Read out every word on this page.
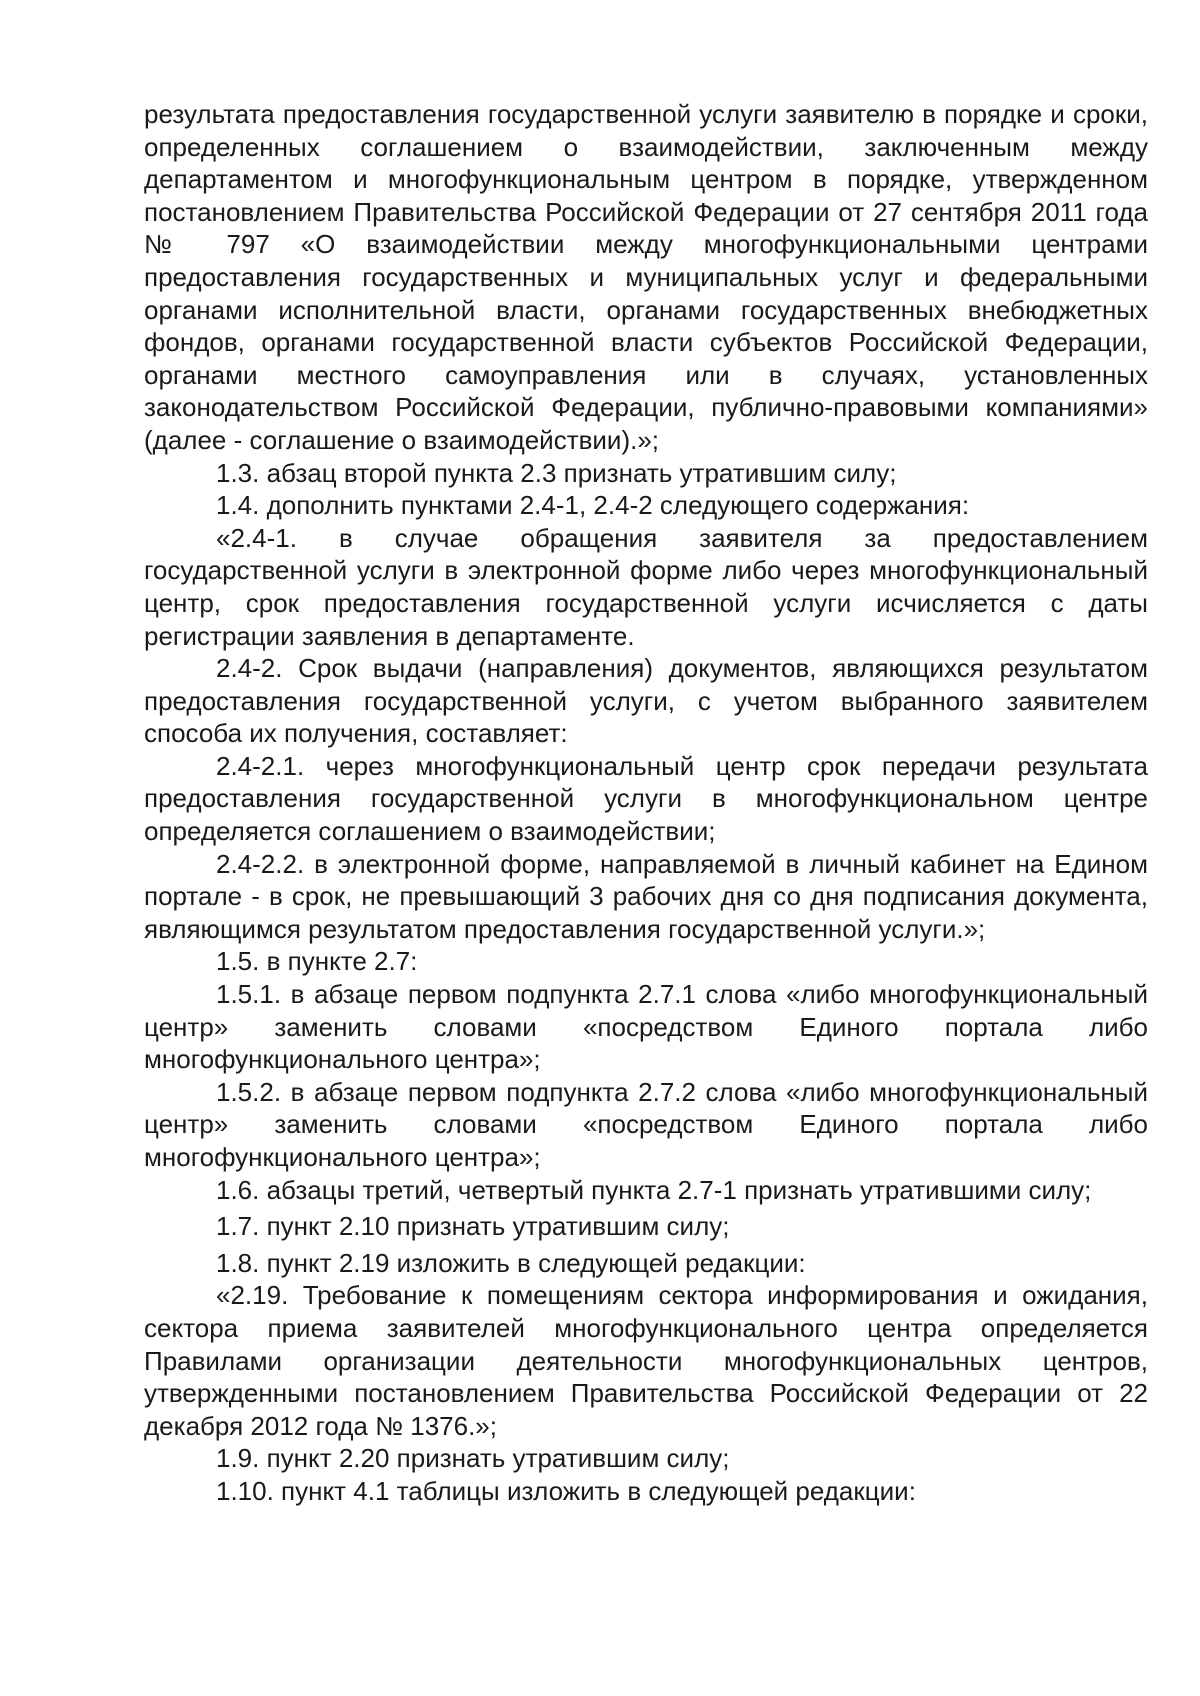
результата предоставления государственной услуги заявителю в порядке и сроки, определенных соглашением о взаимодействии, заключенным между департаментом и многофункциональным центром в порядке, утвержденном постановлением Правительства Российской Федерации от 27 сентября 2011 года № 797 «О взаимодействии между многофункциональными центрами предоставления государственных и муниципальных услуг и федеральными органами исполнительной власти, органами государственных внебюджетных фондов, органами государственной власти субъектов Российской Федерации, органами местного самоуправления или в случаях, установленных законодательством Российской Федерации, публично-правовыми компаниями» (далее - соглашение о взаимодействии).»;

1.3. абзац второй пункта 2.3 признать утратившим силу;

1.4. дополнить пунктами 2.4-1, 2.4-2 следующего содержания:

«2.4-1. в случае обращения заявителя за предоставлением государственной услуги в электронной форме либо через многофункциональный центр, срок предоставления государственной услуги исчисляется с даты регистрации заявления в департаменте.

2.4-2. Срок выдачи (направления) документов, являющихся результатом предоставления государственной услуги, с учетом выбранного заявителем способа их получения, составляет:

2.4-2.1. через многофункциональный центр срок передачи результата предоставления государственной услуги в многофункциональном центре определяется соглашением о взаимодействии;

2.4-2.2. в электронной форме, направляемой в личный кабинет на Едином портале - в срок, не превышающий 3 рабочих дня со дня подписания документа, являющимся результатом предоставления государственной услуги.»;

1.5. в пункте 2.7:

1.5.1. в абзаце первом подпункта 2.7.1 слова «либо многофункциональный центр» заменить словами «посредством Единого портала либо многофункционального центра»;

1.5.2. в абзаце первом подпункта 2.7.2 слова «либо многофункциональный центр» заменить словами «посредством Единого портала либо многофункционального центра»;

1.6. абзацы третий, четвертый пункта 2.7-1 признать утратившими силу;

1.7. пункт 2.10 признать утратившим силу;

1.8. пункт 2.19 изложить в следующей редакции:

«2.19. Требование к помещениям сектора информирования и ожидания, сектора приема заявителей многофункционального центра определяется Правилами организации деятельности многофункциональных центров, утвержденными постановлением Правительства Российской Федерации от 22 декабря 2012 года № 1376.»;

1.9. пункт 2.20 признать утратившим силу;

1.10. пункт 4.1 таблицы изложить в следующей редакции:
